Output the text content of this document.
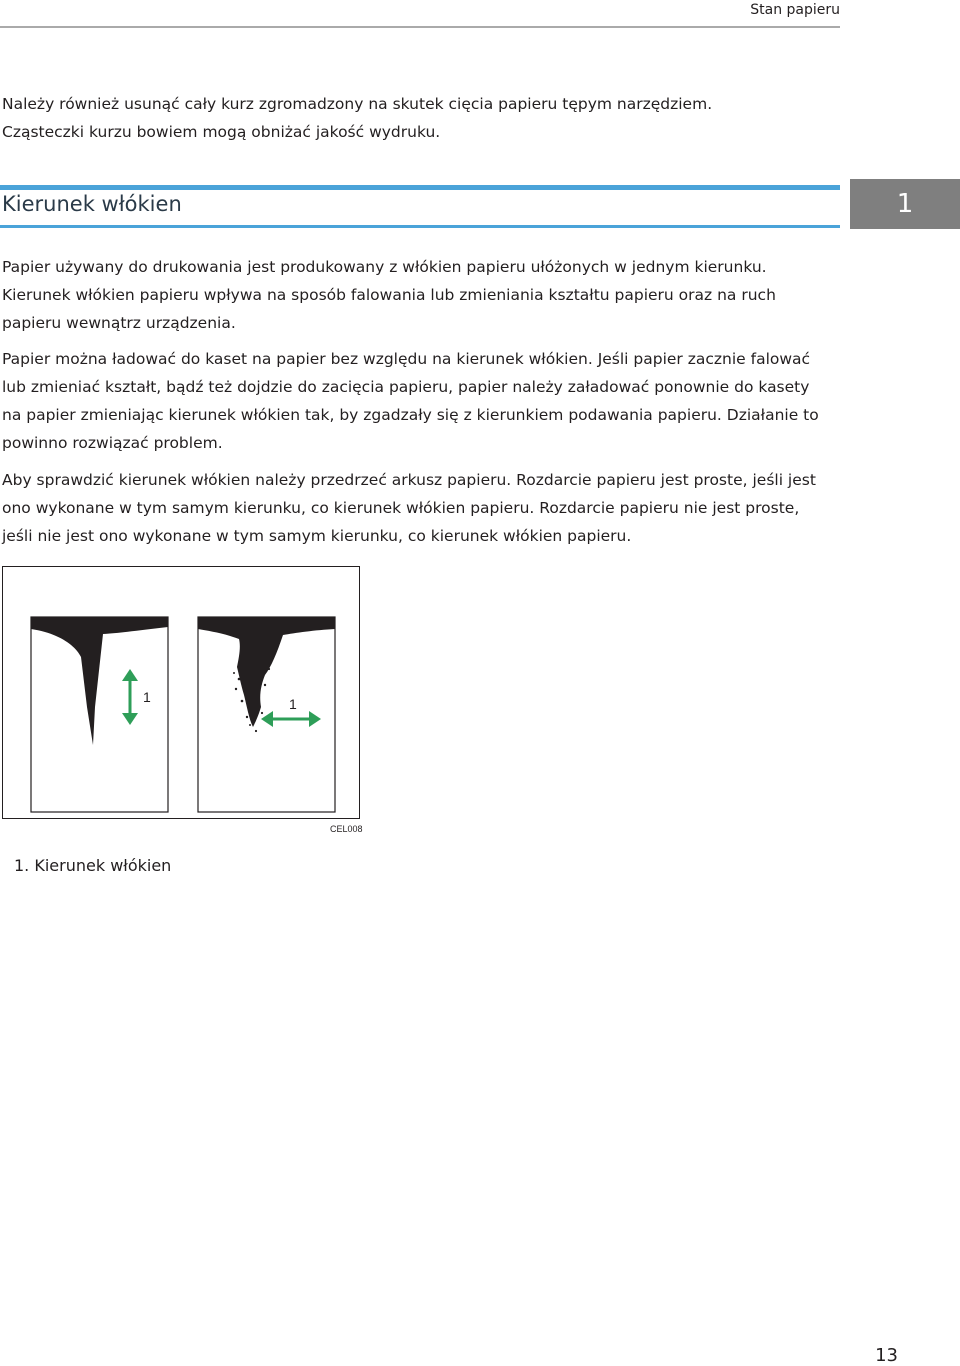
Stan papieru
Należy również usunąć cały kurz zgromadzony na skutek cięcia papieru tępym narzędziem.
Cząsteczki kurzu bowiem mogą obniżać jakość wydruku.
Kierunek włókien	1

Papier używany do drukowania jest produkowany z włókien papieru ułóżonych w jednym kierunku. Kierunek włókien papieru wpływa na sposób falowania lub zmieniania kształtu papieru oraz na ruch papieru wewnątrz urządzenia.

Papier można ładować do kaset na papier bez względu na kierunek włókien. Jeśli papier zacznie falować lub zmieniać kształt, bądź też dojdzie do zacięcia papieru, papier należy załadować ponownie do kasety na papier zmieniając kierunek włókien tak, by zgadzały się z kierunkiem podawania papieru. Działanie to powinno rozwiązać problem.

Aby sprawdzić kierunek włókien należy przedrzeć arkusz papieru. Rozdarcie papieru jest proste, jeśli jest ono wykonane w tym samym kierunku, co kierunek włókien papieru. Rozdarcie papieru nie jest proste, jeśli nie jest ono wykonane w tym samym kierunku, co kierunek włókien papieru.

1	1
CEL008
1. Kierunek włókien
13
